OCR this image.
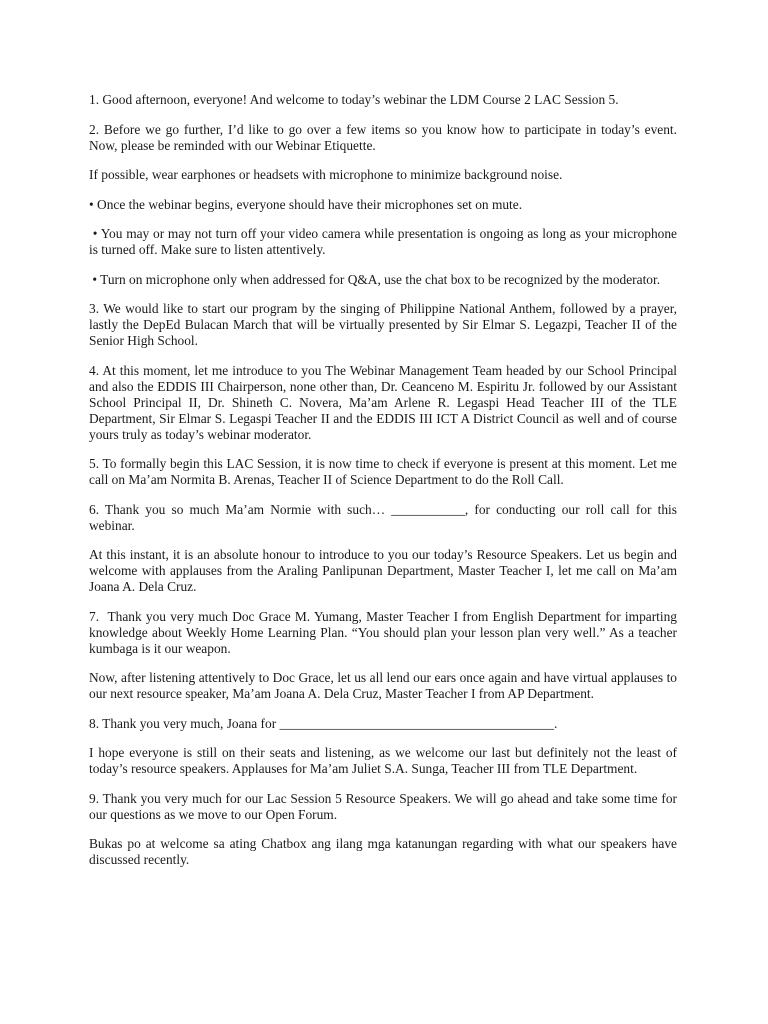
1. Good afternoon, everyone! And welcome to today’s webinar the LDM Course 2 LAC Session 5.

2. Before we go further, I’d like to go over a few items so you know how to participate in today’s event. Now, please be reminded with our Webinar Etiquette.

If possible, wear earphones or headsets with microphone to minimize background noise.

• Once the webinar begins, everyone should have their microphones set on mute.

• You may or may not turn off your video camera while presentation is ongoing as long as your microphone is turned off. Make sure to listen attentively.

• Turn on microphone only when addressed for Q&A, use the chat box to be recognized by the moderator.

3. We would like to start our program by the singing of Philippine National Anthem, followed by a prayer, lastly the DepEd Bulacan March that will be virtually presented by Sir Elmar S. Legazpi, Teacher II of the Senior High School.

4. At this moment, let me introduce to you The Webinar Management Team headed by our School Principal and also the EDDIS III Chairperson, none other than, Dr. Ceanceno M. Espiritu Jr. followed by our Assistant School Principal II, Dr. Shineth C. Novera, Ma’am Arlene R. Legaspi Head Teacher III of the TLE Department, Sir Elmar S. Legaspi Teacher II and the EDDIS III ICT A District Council as well and of course yours truly as today’s webinar moderator.

5. To formally begin this LAC Session, it is now time to check if everyone is present at this moment. Let me call on Ma’am Normita B. Arenas, Teacher II of Science Department to do the Roll Call.

6. Thank you so much Ma’am Normie with such… ___________, for conducting our roll call for this webinar.

At this instant, it is an absolute honour to introduce to you our today’s Resource Speakers. Let us begin and welcome with applauses from the Araling Panlipunan Department, Master Teacher I, let me call on Ma’am Joana A. Dela Cruz.

7.  Thank you very much Doc Grace M. Yumang, Master Teacher I from English Department for imparting knowledge about Weekly Home Learning Plan. “You should plan your lesson plan very well.” As a teacher kumbaga is it our weapon.

Now, after listening attentively to Doc Grace, let us all lend our ears once again and have virtual applauses to our next resource speaker, Ma’am Joana A. Dela Cruz, Master Teacher I from AP Department.

8. Thank you very much, Joana for _________________________________________.

I hope everyone is still on their seats and listening, as we welcome our last but definitely not the least of today’s resource speakers. Applauses for Ma’am Juliet S.A. Sunga, Teacher III from TLE Department.

9. Thank you very much for our Lac Session 5 Resource Speakers. We will go ahead and take some time for our questions as we move to our Open Forum.

Bukas po at welcome sa ating Chatbox ang ilang mga katanungan regarding with what our speakers have discussed recently.
